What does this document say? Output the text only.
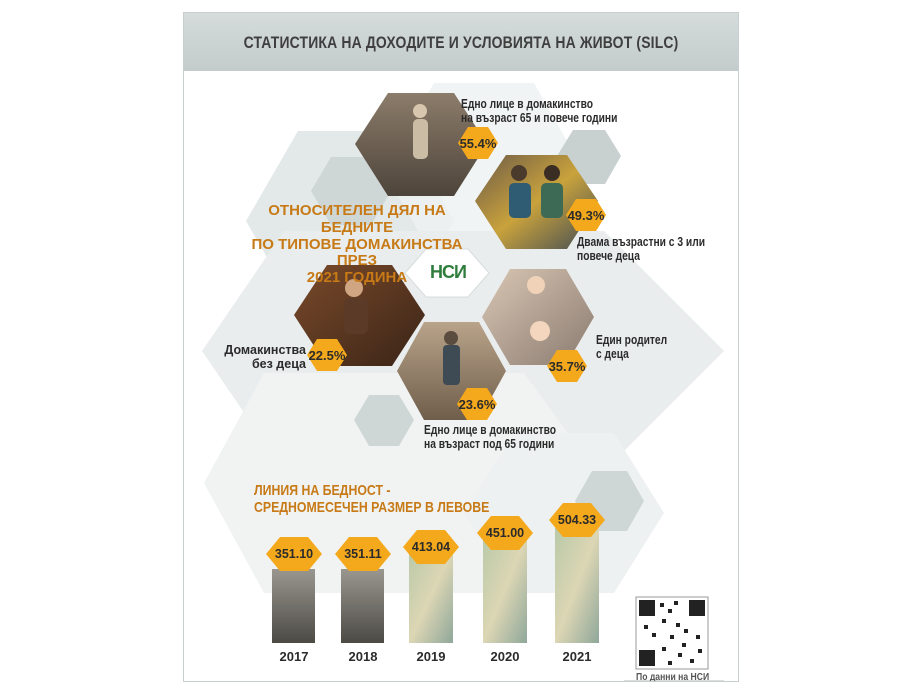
СТАТИСТИКА НА ДОХОДИТЕ И УСЛОВИЯТА НА ЖИВОТ (SILC)
ОТНОСИТЕЛЕН ДЯЛ НА БЕДНИТЕ
ПО ТИПОВЕ ДОМАКИНСТВА ПРЕЗ
2021 ГОДИНА	НСИ
Едно лице в домакинство
на възраст 65 и повече години
55.4%
Двама възрастни с 3 или
повече деца
49.3%
Един родител
с деца
35.7%
Едно лице в домакинство
на възраст под 65 години
23.6%
Домакинства
без деца
22.5%
ЛИНИЯ НА БЕДНОСТ -
СРЕДНОМЕСЕЧЕН РАЗМЕР В ЛЕВОВЕ
351.10	351.11	413.04
451.00
504.33
2017	2018	2019	2020	2021
По данни на НСИ
